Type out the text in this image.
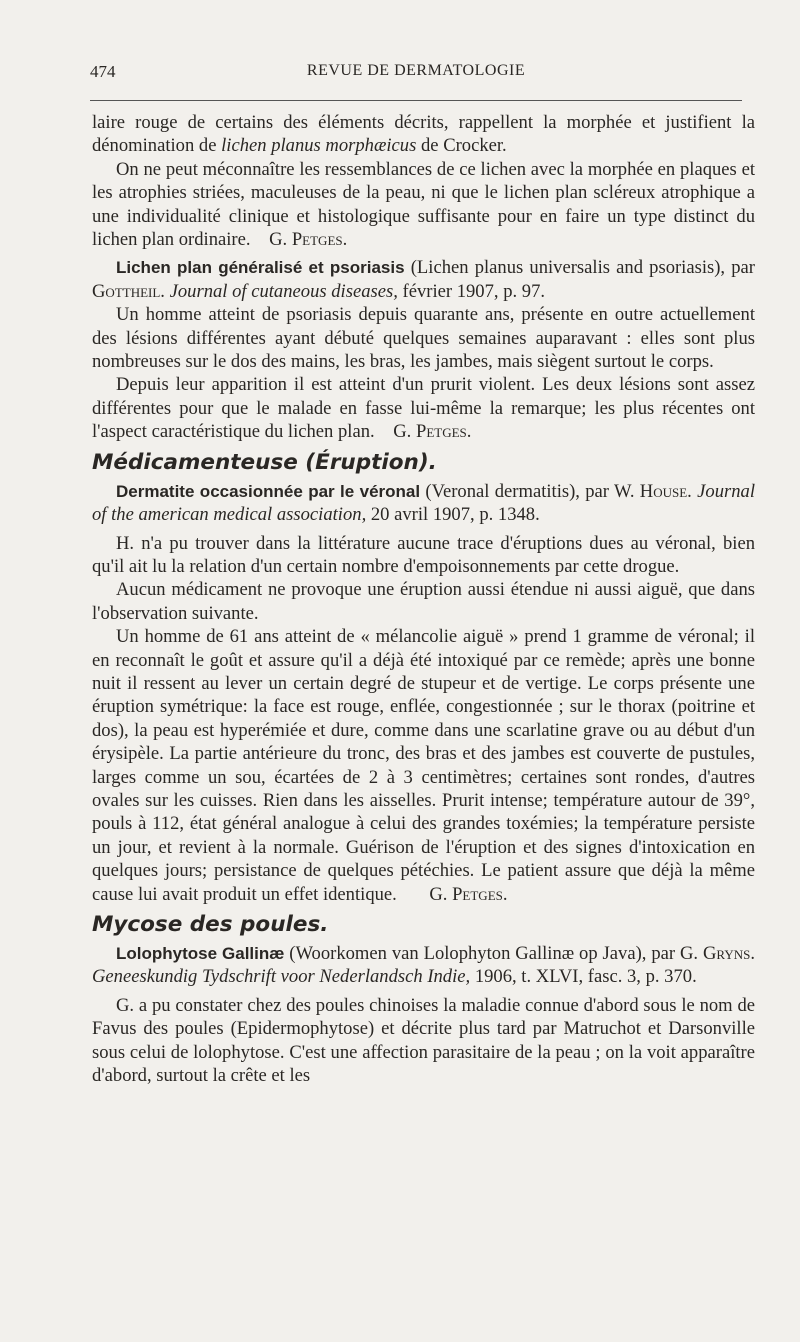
474	REVUE DE DERMATOLOGIE

laire rouge de certains des éléments décrits, rappellent la morphée et justifient la dénomination de lichen planus morphæicus de Crocker.

On ne peut méconnaître les ressemblances de ce lichen avec la morphée en plaques et les atrophies striées, maculeuses de la peau, ni que le lichen plan scléreux atrophique a une individualité clinique et histologique suffisante pour en faire un type distinct du lichen plan ordinaire. G. Petges.

Lichen plan généralisé et psoriasis (Lichen planus universalis and psoriasis), par Gottheil. Journal of cutaneous diseases, février 1907, p. 97.

Un homme atteint de psoriasis depuis quarante ans, présente en outre actuellement des lésions différentes ayant débuté quelques semaines auparavant : elles sont plus nombreuses sur le dos des mains, les bras, les jambes, mais siègent surtout le corps.

Depuis leur apparition il est atteint d'un prurit violent. Les deux lésions sont assez différentes pour que le malade en fasse lui-même la remarque; les plus récentes ont l'aspect caractéristique du lichen plan. G. Petges.

Médicamenteuse (Éruption).

Dermatite occasionnée par le véronal (Veronal dermatitis), par W. House. Journal of the american medical association, 20 avril 1907, p. 1348.

H. n'a pu trouver dans la littérature aucune trace d'éruptions dues au véronal, bien qu'il ait lu la relation d'un certain nombre d'empoisonnements par cette drogue.

Aucun médicament ne provoque une éruption aussi étendue ni aussi aiguë, que dans l'observation suivante.

Un homme de 61 ans atteint de « mélancolie aiguë » prend 1 gramme de véronal; il en reconnaît le goût et assure qu'il a déjà été intoxiqué par ce remède; après une bonne nuit il ressent au lever un certain degré de stupeur et de vertige. Le corps présente une éruption symétrique: la face est rouge, enflée, congestionnée ; sur le thorax (poitrine et dos), la peau est hyperémiée et dure, comme dans une scarlatine grave ou au début d'un érysipèle. La partie antérieure du tronc, des bras et des jambes est couverte de pustules, larges comme un sou, écartées de 2 à 3 centimètres; certaines sont rondes, d'autres ovales sur les cuisses. Rien dans les aisselles. Prurit intense; température autour de 39°, pouls à 112, état général analogue à celui des grandes toxémies; la température persiste un jour, et revient à la normale. Guérison de l'éruption et des signes d'intoxication en quelques jours; persistance de quelques pétéchies. Le patient assure que déjà la même cause lui avait produit un effet identique. G. Petges.

Mycose des poules.

Lolophytose Gallinæ (Woorkomen van Lolophyton Gallinæ op Java), par G. Gryns. Geneeskundig Tydschrift voor Nederlandsch Indie, 1906, t. XLVI, fasc. 3, p. 370.

G. a pu constater chez des poules chinoises la maladie connue d'abord sous le nom de Favus des poules (Epidermophytose) et décrite plus tard par Matruchot et Darsonville sous celui de lolophytose. C'est une affection parasitaire de la peau ; on la voit apparaître d'abord, surtout la crête et les
